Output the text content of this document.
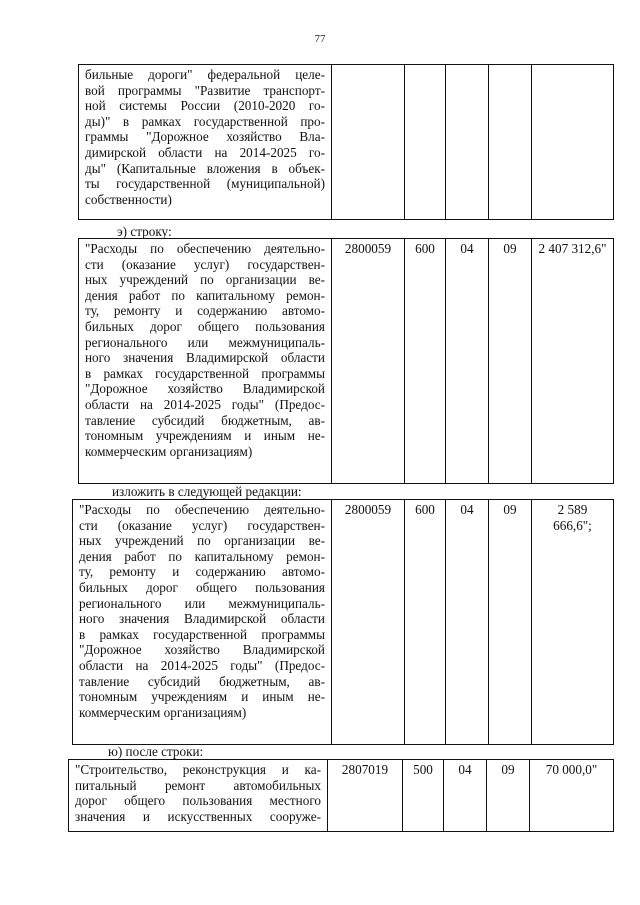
77
бильные дороги" федеральной целе-
вой программы "Развитие транспорт-
ной системы России (2010-2020 го-
ды)" в рамках государственной про-
граммы "Дорожное хозяйство Вла-
димирской области на 2014-2025 го-
ды" (Капитальные вложения в объек-
ты государственной (муниципальной)
собственности)

э) строку:
"Расходы по обеспечению деятельно-
сти (оказание услуг) государствен-
ных учреждений по организации ве-
дения работ по капитальному ремон-
ту, ремонту и содержанию автомо-
бильных дорог общего пользования
регионального или межмуниципаль-
ного значения Владимирской области
в рамках государственной программы
"Дорожное хозяйство Владимирской
области на 2014-2025 годы" (Предос-
тавление субсидий бюджетным, ав-
тономным учреждениям и иным не-
коммерческим организациям)
	2800059	600	04	09	2 407 312,6"
изложить в следующей редакции:
"Расходы по обеспечению деятельно-
сти (оказание услуг) государствен-
ных учреждений по организации ве-
дения работ по капитальному ремон-
ту, ремонту и содержанию автомо-
бильных дорог общего пользования
регионального или межмуниципаль-
ного значения Владимирской области
в рамках государственной программы
"Дорожное хозяйство Владимирской
области на 2014-2025 годы" (Предос-
тавление субсидий бюджетным, ав-
тономным учреждениям и иным не-
коммерческим организациям)
	2800059	600	04	09	2 589 666,6";
ю) после строки:
"Строительство, реконструкция и ка-
питальный ремонт автомобильных
дорог общего пользования местного
значения и искусственных сооруже-
	2807019	500	04	09	70 000,0"
